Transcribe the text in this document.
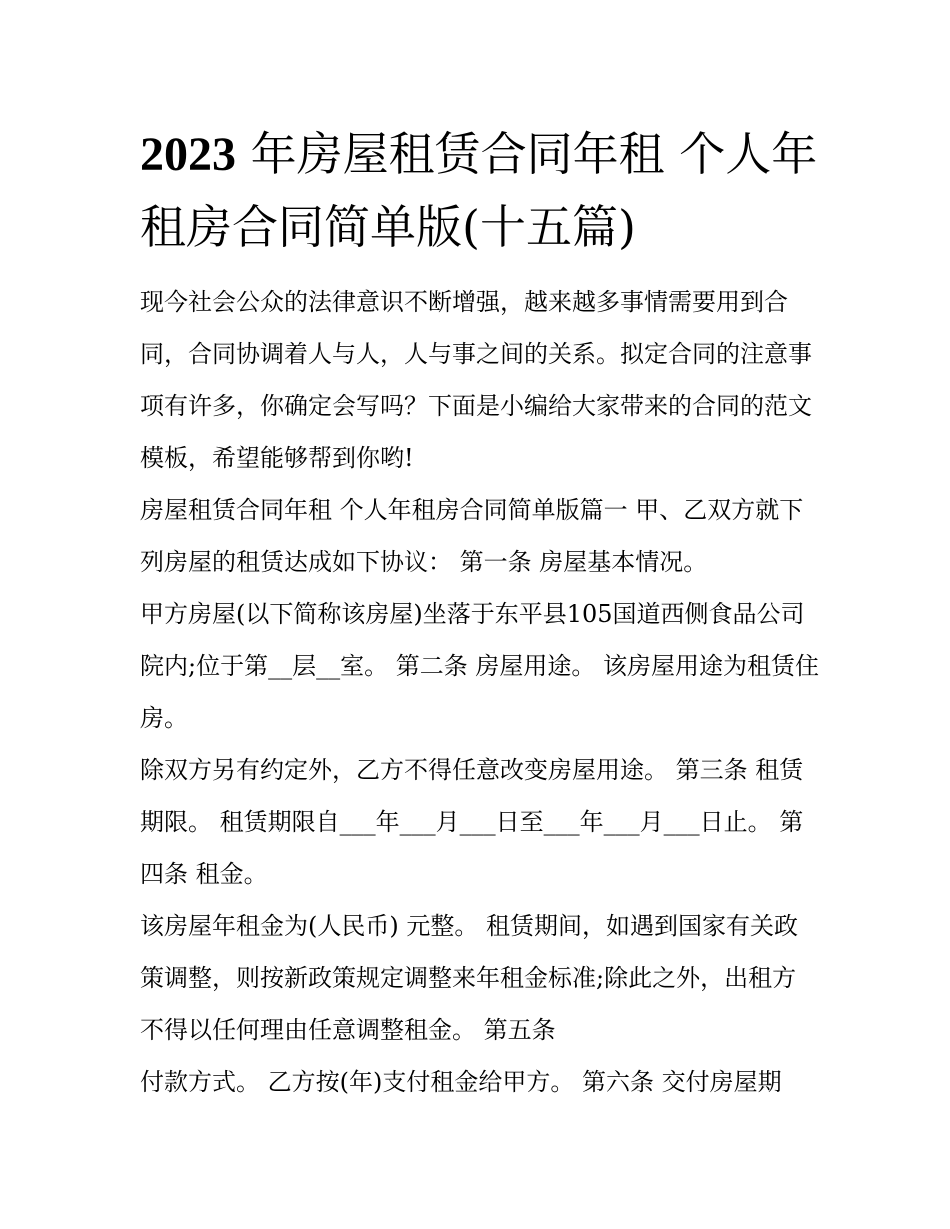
2023 年房屋租赁合同年租 个人年租房合同简单版(十五篇)

现今社会公众的法律意识不断增强，越来越多事情需要用到合同，合同协调着人与人，人与事之间的关系。拟定合同的注意事项有许多，你确定会写吗？下面是小编给大家带来的合同的范文模板，希望能够帮到你哟!

房屋租赁合同年租 个人年租房合同简单版篇一 甲、乙双方就下列房屋的租赁达成如下协议： 第一条 房屋基本情况。

甲方房屋(以下简称该房屋)坐落于东平县105国道西侧食品公司院内;位于第__层__室。 第二条 房屋用途。 该房屋用途为租赁住房。

除双方另有约定外，乙方不得任意改变房屋用途。 第三条 租赁期限。 租赁期限自___年___月___日至___年___月___日止。 第四条 租金。

该房屋年租金为(人民币) 元整。 租赁期间，如遇到国家有关政策调整，则按新政策规定调整来年租金标准;除此之外，出租方不得以任何理由任意调整租金。 第五条

付款方式。 乙方按(年)支付租金给甲方。 第六条 交付房屋期
